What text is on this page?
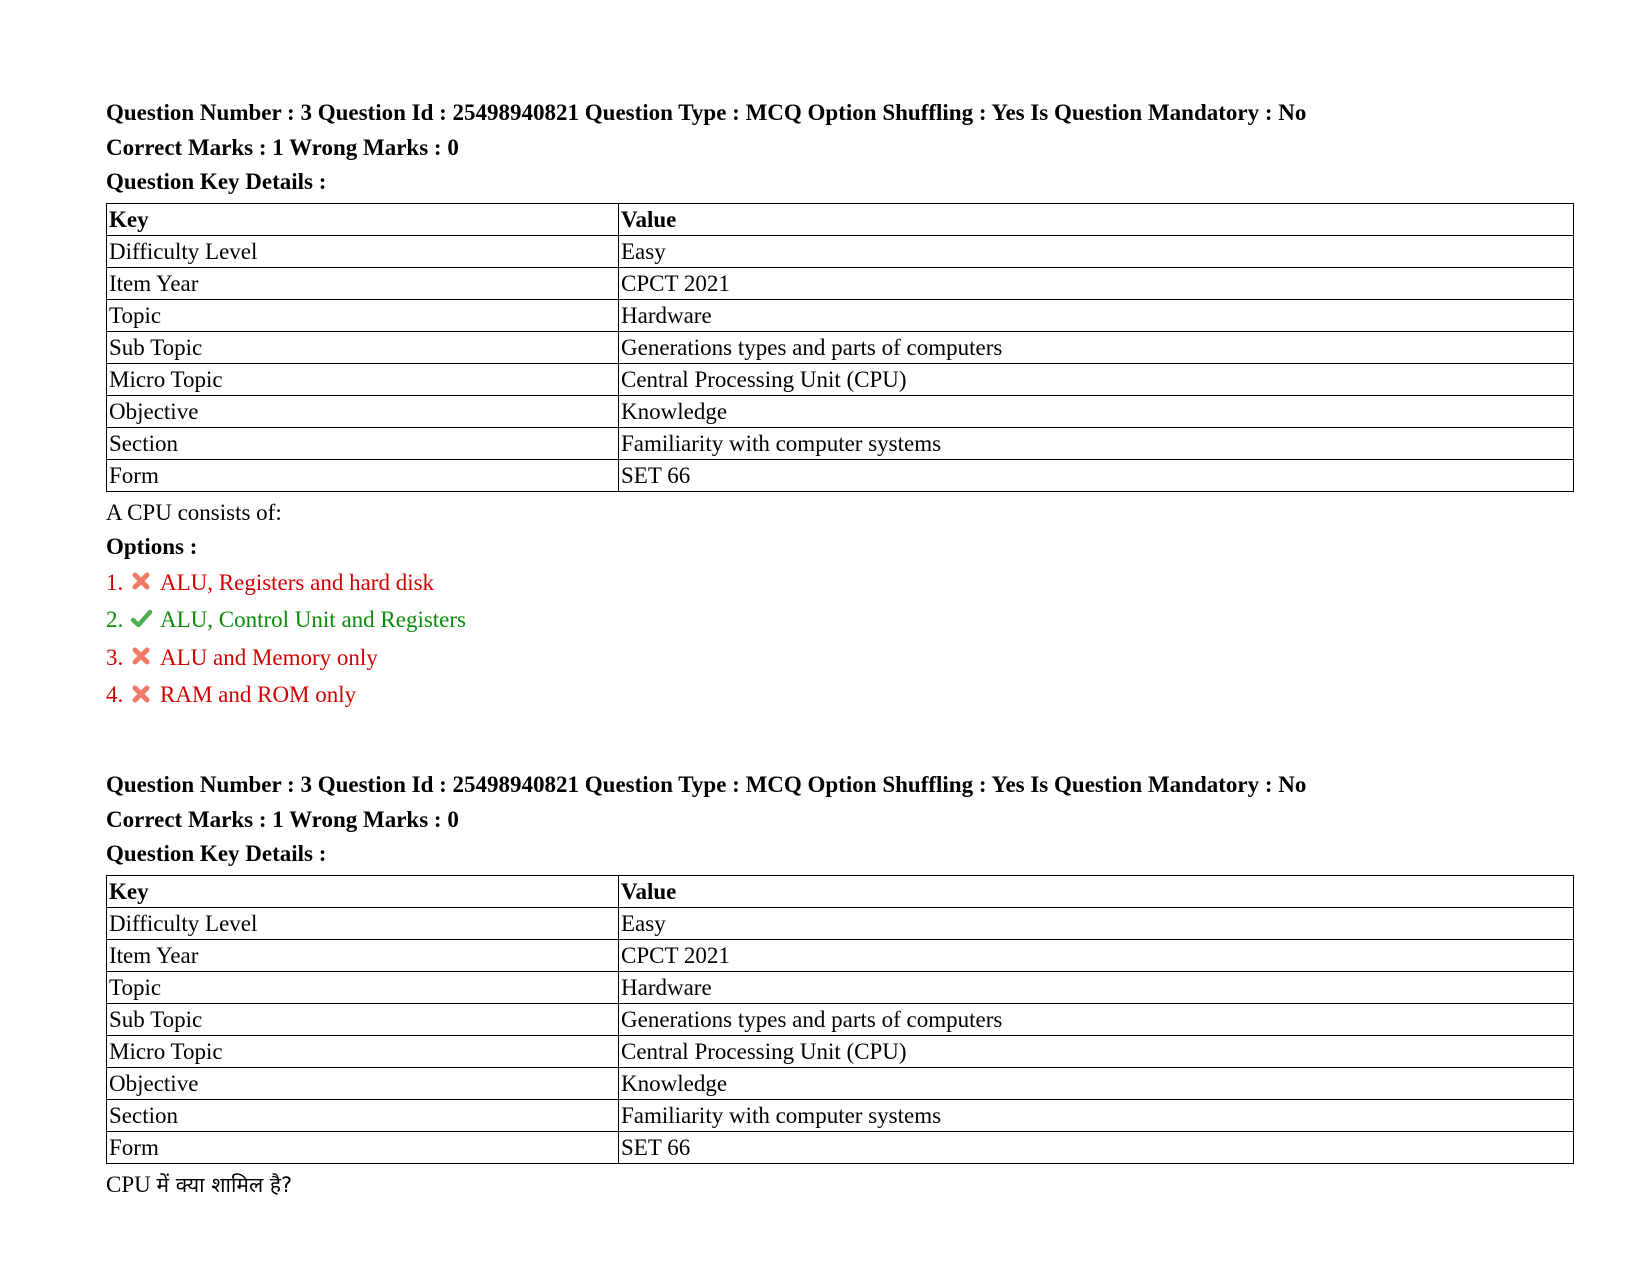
Question Number : 3 Question Id : 25498940821 Question Type : MCQ Option Shuffling : Yes Is Question Mandatory : No
Correct Marks : 1 Wrong Marks : 0
Question Key Details :
Key	Value
Difficulty Level	Easy
Item Year	CPCT 2021
Topic	Hardware
Sub Topic	Generations types and parts of computers
Micro Topic	Central Processing Unit (CPU)
Objective	Knowledge
Section	Familiarity with computer systems
Form	SET 66
A CPU consists of:
Options :
1. ALU, Registers and hard disk
2. ALU, Control Unit and Registers
3. ALU and Memory only
4. RAM and ROM only
Question Number : 3 Question Id : 25498940821 Question Type : MCQ Option Shuffling : Yes Is Question Mandatory : No
Correct Marks : 1 Wrong Marks : 0
Question Key Details :
Key	Value
Difficulty Level	Easy
Item Year	CPCT 2021
Topic	Hardware
Sub Topic	Generations types and parts of computers
Micro Topic	Central Processing Unit (CPU)
Objective	Knowledge
Section	Familiarity with computer systems
Form	SET 66
CPU में क्या शामिल है?
